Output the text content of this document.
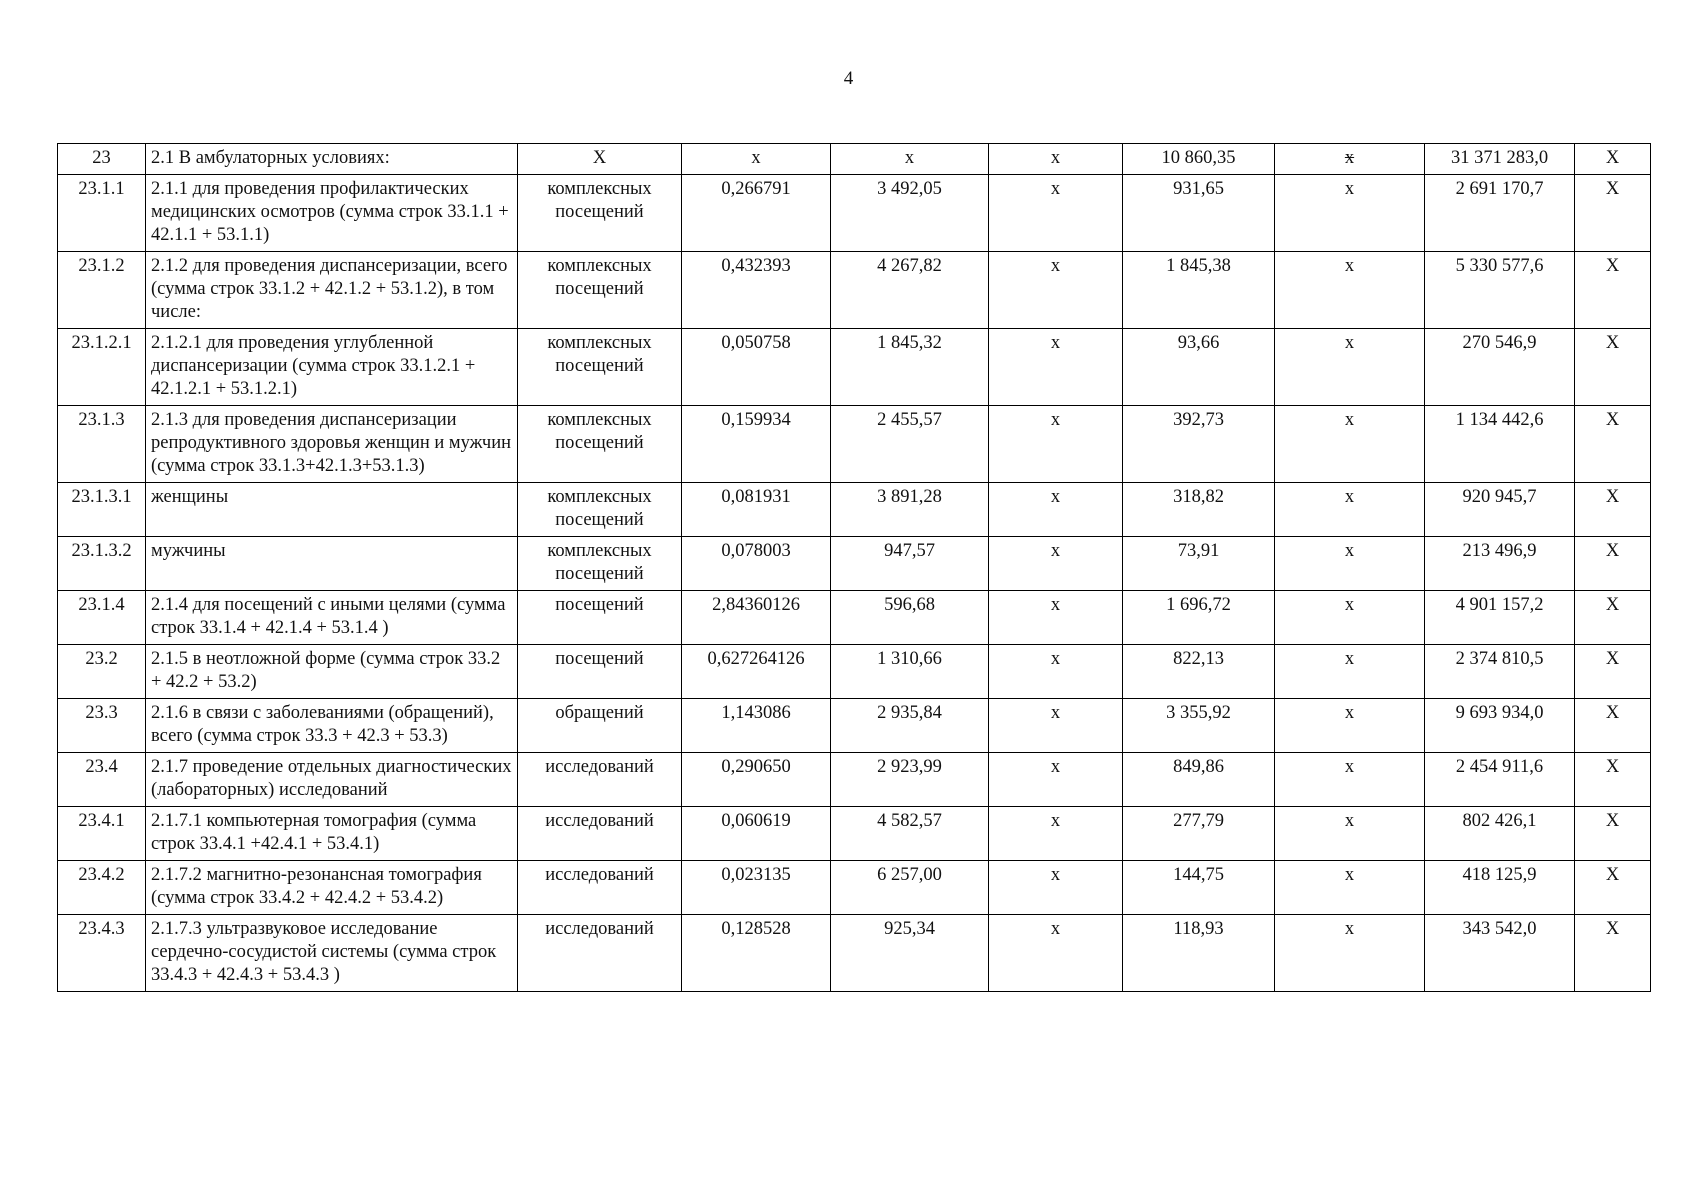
4
23	2.1 В амбулаторных условиях:	Х	х	х	х	10 860,35	х	31 371 283,0	Х
23.1.1	2.1.1 для проведения профилактических медицинских осмотров (сумма строк 33.1.1 + 42.1.1 + 53.1.1)	комплексных посещений	0,266791	3 492,05	х	931,65	х	2 691 170,7	Х
23.1.2	2.1.2 для проведения диспансеризации, всего (сумма строк 33.1.2 + 42.1.2 + 53.1.2), в том числе:	комплексных посещений	0,432393	4 267,82	х	1 845,38	х	5 330 577,6	Х
23.1.2.1	2.1.2.1 для проведения углубленной диспансеризации (сумма строк 33.1.2.1 + 42.1.2.1 + 53.1.2.1)	комплексных посещений	0,050758	1 845,32	х	93,66	х	270 546,9	Х
23.1.3	2.1.3 для проведения диспансеризации репродуктивного здоровья женщин и мужчин (сумма строк 33.1.3+42.1.3+53.1.3)	комплексных посещений	0,159934	2 455,57	х	392,73	х	1 134 442,6	Х
23.1.3.1	женщины	комплексных посещений	0,081931	3 891,28	х	318,82	х	920 945,7	Х
23.1.3.2	мужчины	комплексных посещений	0,078003	947,57	х	73,91	х	213 496,9	Х
23.1.4	2.1.4 для посещений с иными целями (сумма строк 33.1.4 + 42.1.4 + 53.1.4 )	посещений	2,84360126	596,68	х	1 696,72	х	4 901 157,2	Х
23.2	2.1.5 в неотложной форме (сумма строк 33.2 + 42.2 + 53.2)	посещений	0,627264126	1 310,66	х	822,13	х	2 374 810,5	Х
23.3	2.1.6 в связи с заболеваниями (обращений), всего (сумма строк 33.3 + 42.3 + 53.3)	обращений	1,143086	2 935,84	х	3 355,92	х	9 693 934,0	Х
23.4	2.1.7 проведение отдельных диагностических (лабораторных) исследований	исследований	0,290650	2 923,99	х	849,86	х	2 454 911,6	Х
23.4.1	2.1.7.1 компьютерная томография (сумма строк 33.4.1 +42.4.1 + 53.4.1)	исследований	0,060619	4 582,57	х	277,79	х	802 426,1	Х
23.4.2	2.1.7.2 магнитно-резонансная томография (сумма строк 33.4.2 + 42.4.2 + 53.4.2)	исследований	0,023135	6 257,00	х	144,75	х	418 125,9	Х
23.4.3	2.1.7.3 ультразвуковое исследование сердечно-сосудистой системы (сумма строк 33.4.3 + 42.4.3 + 53.4.3 )	исследований	0,128528	925,34	х	118,93	х	343 542,0	Х
